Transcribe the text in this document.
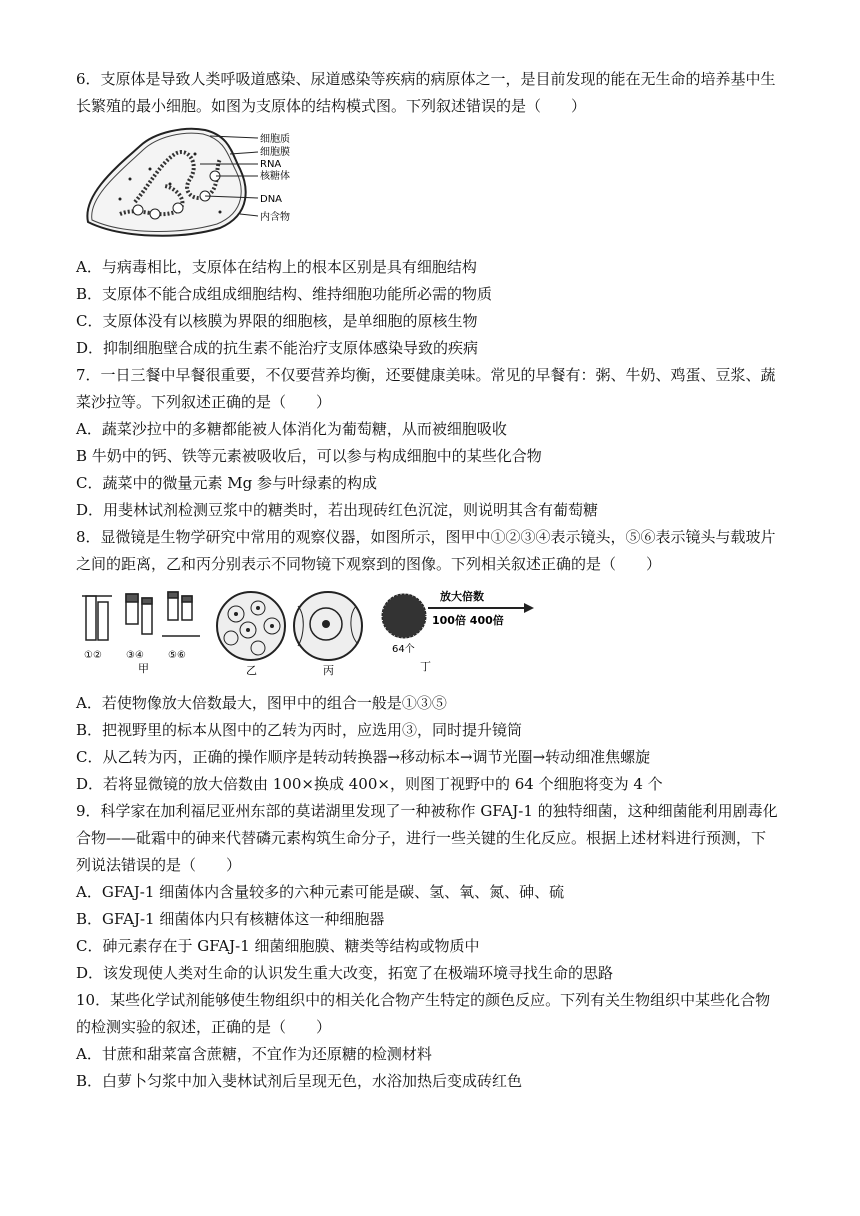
6．支原体是导致人类呼吸道感染、尿道感染等疾病的病原体之一，是目前发现的能在无生命的培养基中生

长繁殖的最小细胞。如图为支原体的结构模式图。下列叙述错误的是（　　）

细胞质
细胞膜
RNA
核糖体
DNA
内含物

A．与病毒相比，支原体在结构上的根本区别是具有细胞结构

B．支原体不能合成组成细胞结构、维持细胞功能所必需的物质

C．支原体没有以核膜为界限的细胞核，是单细胞的原核生物

D．抑制细胞壁合成的抗生素不能治疗支原体感染导致的疾病

7．一日三餐中早餐很重要，不仅要营养均衡，还要健康美味。常见的早餐有：粥、牛奶、鸡蛋、豆浆、蔬

菜沙拉等。下列叙述正确的是（　　）

A．蔬菜沙拉中的多糖都能被人体消化为葡萄糖，从而被细胞吸收

B 牛奶中的钙、铁等元素被吸收后，可以参与构成细胞中的某些化合物

C．蔬菜中的微量元素 Mg 参与叶绿素的构成

D．用斐林试剂检测豆浆中的糖类时，若出现砖红色沉淀，则说明其含有葡萄糖

8．显微镜是生物学研究中常用的观察仪器，如图所示，图甲中①②③④表示镜头，⑤⑥表示镜头与载玻片

之间的距离，乙和丙分别表示不同物镜下观察到的图像。下列相关叙述正确的是（　　）

①② ③④ ⑤⑥
甲	乙	丙
64个
丁
放大倍数
100倍 400倍

A．若使物像放大倍数最大，图甲中的组合一般是①③⑤

B．把视野里的标本从图中的乙转为丙时，应选用③，同时提升镜筒

C．从乙转为丙，正确的操作顺序是转动转换器→移动标本→调节光圈→转动细准焦螺旋

D．若将显微镜的放大倍数由 100×换成 400×，则图丁视野中的 64 个细胞将变为 4 个

9．科学家在加利福尼亚州东部的莫诺湖里发现了一种被称作 GFAJ-1 的独特细菌，这种细菌能利用剧毒化

合物——砒霜中的砷来代替磷元素构筑生命分子，进行一些关键的生化反应。根据上述材料进行预测，下

列说法错误的是（　　）

A．GFAJ-1 细菌体内含量较多的六种元素可能是碳、氢、氧、氮、砷、硫

B．GFAJ-1 细菌体内只有核糖体这一种细胞器

C．砷元素存在于 GFAJ-1 细菌细胞膜、糖类等结构或物质中

D．该发现使人类对生命的认识发生重大改变，拓宽了在极端环境寻找生命的思路

10．某些化学试剂能够使生物组织中的相关化合物产生特定的颜色反应。下列有关生物组织中某些化合物

的检测实验的叙述，正确的是（　　）

A．甘蔗和甜菜富含蔗糖，不宜作为还原糖的检测材料

B．白萝卜匀浆中加入斐林试剂后呈现无色，水浴加热后变成砖红色
